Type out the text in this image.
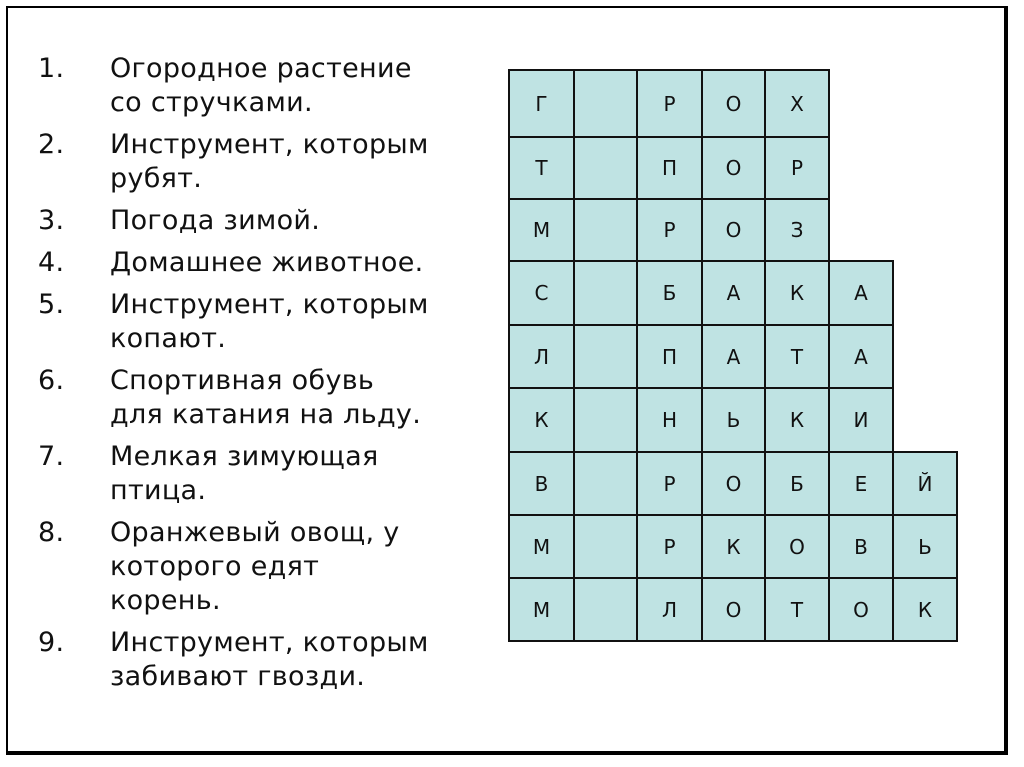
1.	Огородное растение
со стручками.
2.	Инструмент, которым
рубят.
3.	Погода зимой.
4.	Домашнее животное.
5.	Инструмент, которым
копают.
6.	Спортивная обувь
для катания на льду.
7.	Мелкая зимующая
птица.
8.	Оранжевый овощ, у
которого едят
корень.
9.	Инструмент, которым
забивают гвозди.
Г	Р	О	Х
Т	П	О	Р
М	Р	О	З
С	Б	А	К	А
Л	П	А	Т	А
К	Н	Ь	К	И
В	Р	О	Б	Е	Й
М	Р	К	О	В	Ь
М	Л	О	Т	О	К
